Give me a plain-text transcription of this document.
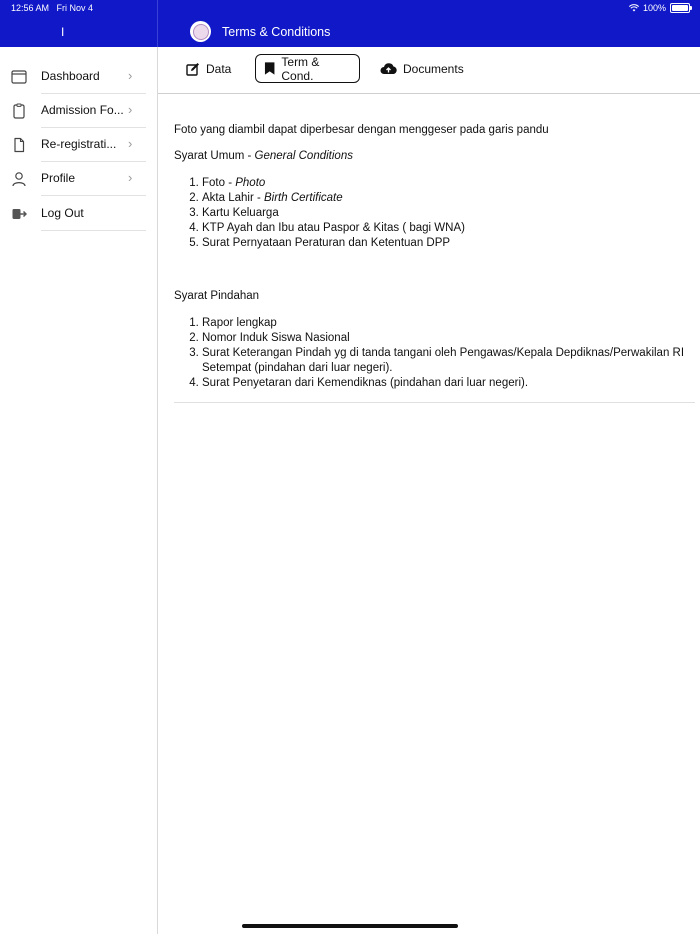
12:56 AM Fri Nov 4	100%
I	Terms & Conditions
Dashboard ›
Admission Fo... ›
Re-registrati... ›
Profile	›
Log Out
Data	Term & Cond.	Documents
Foto yang diambil dapat diperbesar dengan menggeser pada garis pandu
Syarat Umum - General Conditions
1. Foto - Photo
2. Akta Lahir - Birth Certificate
3. Kartu Keluarga
4. KTP Ayah dan Ibu atau Paspor & Kitas ( bagi WNA)
5. Surat Pernyataan Peraturan dan Ketentuan DPP
Syarat Pindahan
1. Rapor lengkap
2. Nomor Induk Siswa Nasional
3. Surat Keterangan Pindah yg di tanda tangani oleh Pengawas/Kepala Depdiknas/Perwakilan RI Setempat (pindahan dari luar negeri).
4. Surat Penyetaran dari Kemendiknas (pindahan dari luar negeri).
